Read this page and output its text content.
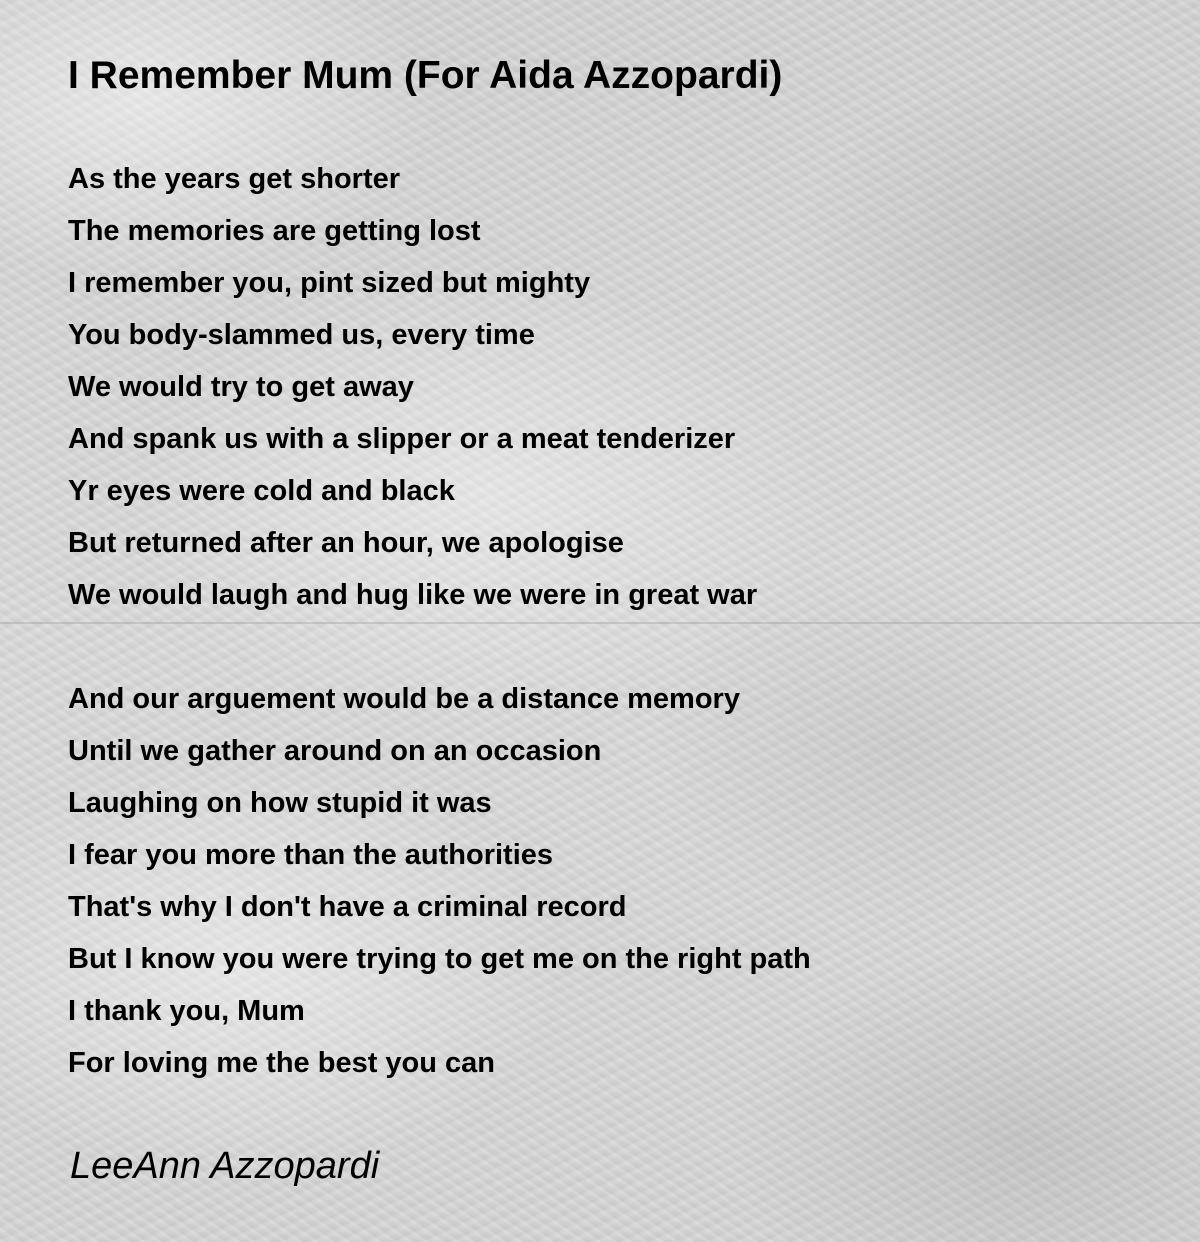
I Remember Mum (For Aida Azzopardi)
As the years get shorter
The memories are getting lost
I remember you, pint sized but mighty
You body-slammed us, every time
We would try to get away
And spank us with a slipper or a meat tenderizer
Yr eyes were cold and black
But returned after an hour, we apologise
We would laugh and hug like we were in great war
And our arguement would be a distance memory
Until we gather around on an occasion
Laughing on how stupid it was
I fear you more than the authorities
That's why I don't have a criminal record
But I know you were trying to get me on the right path
I thank you, Mum
For loving me the best you can

LeeAnn Azzopardi
